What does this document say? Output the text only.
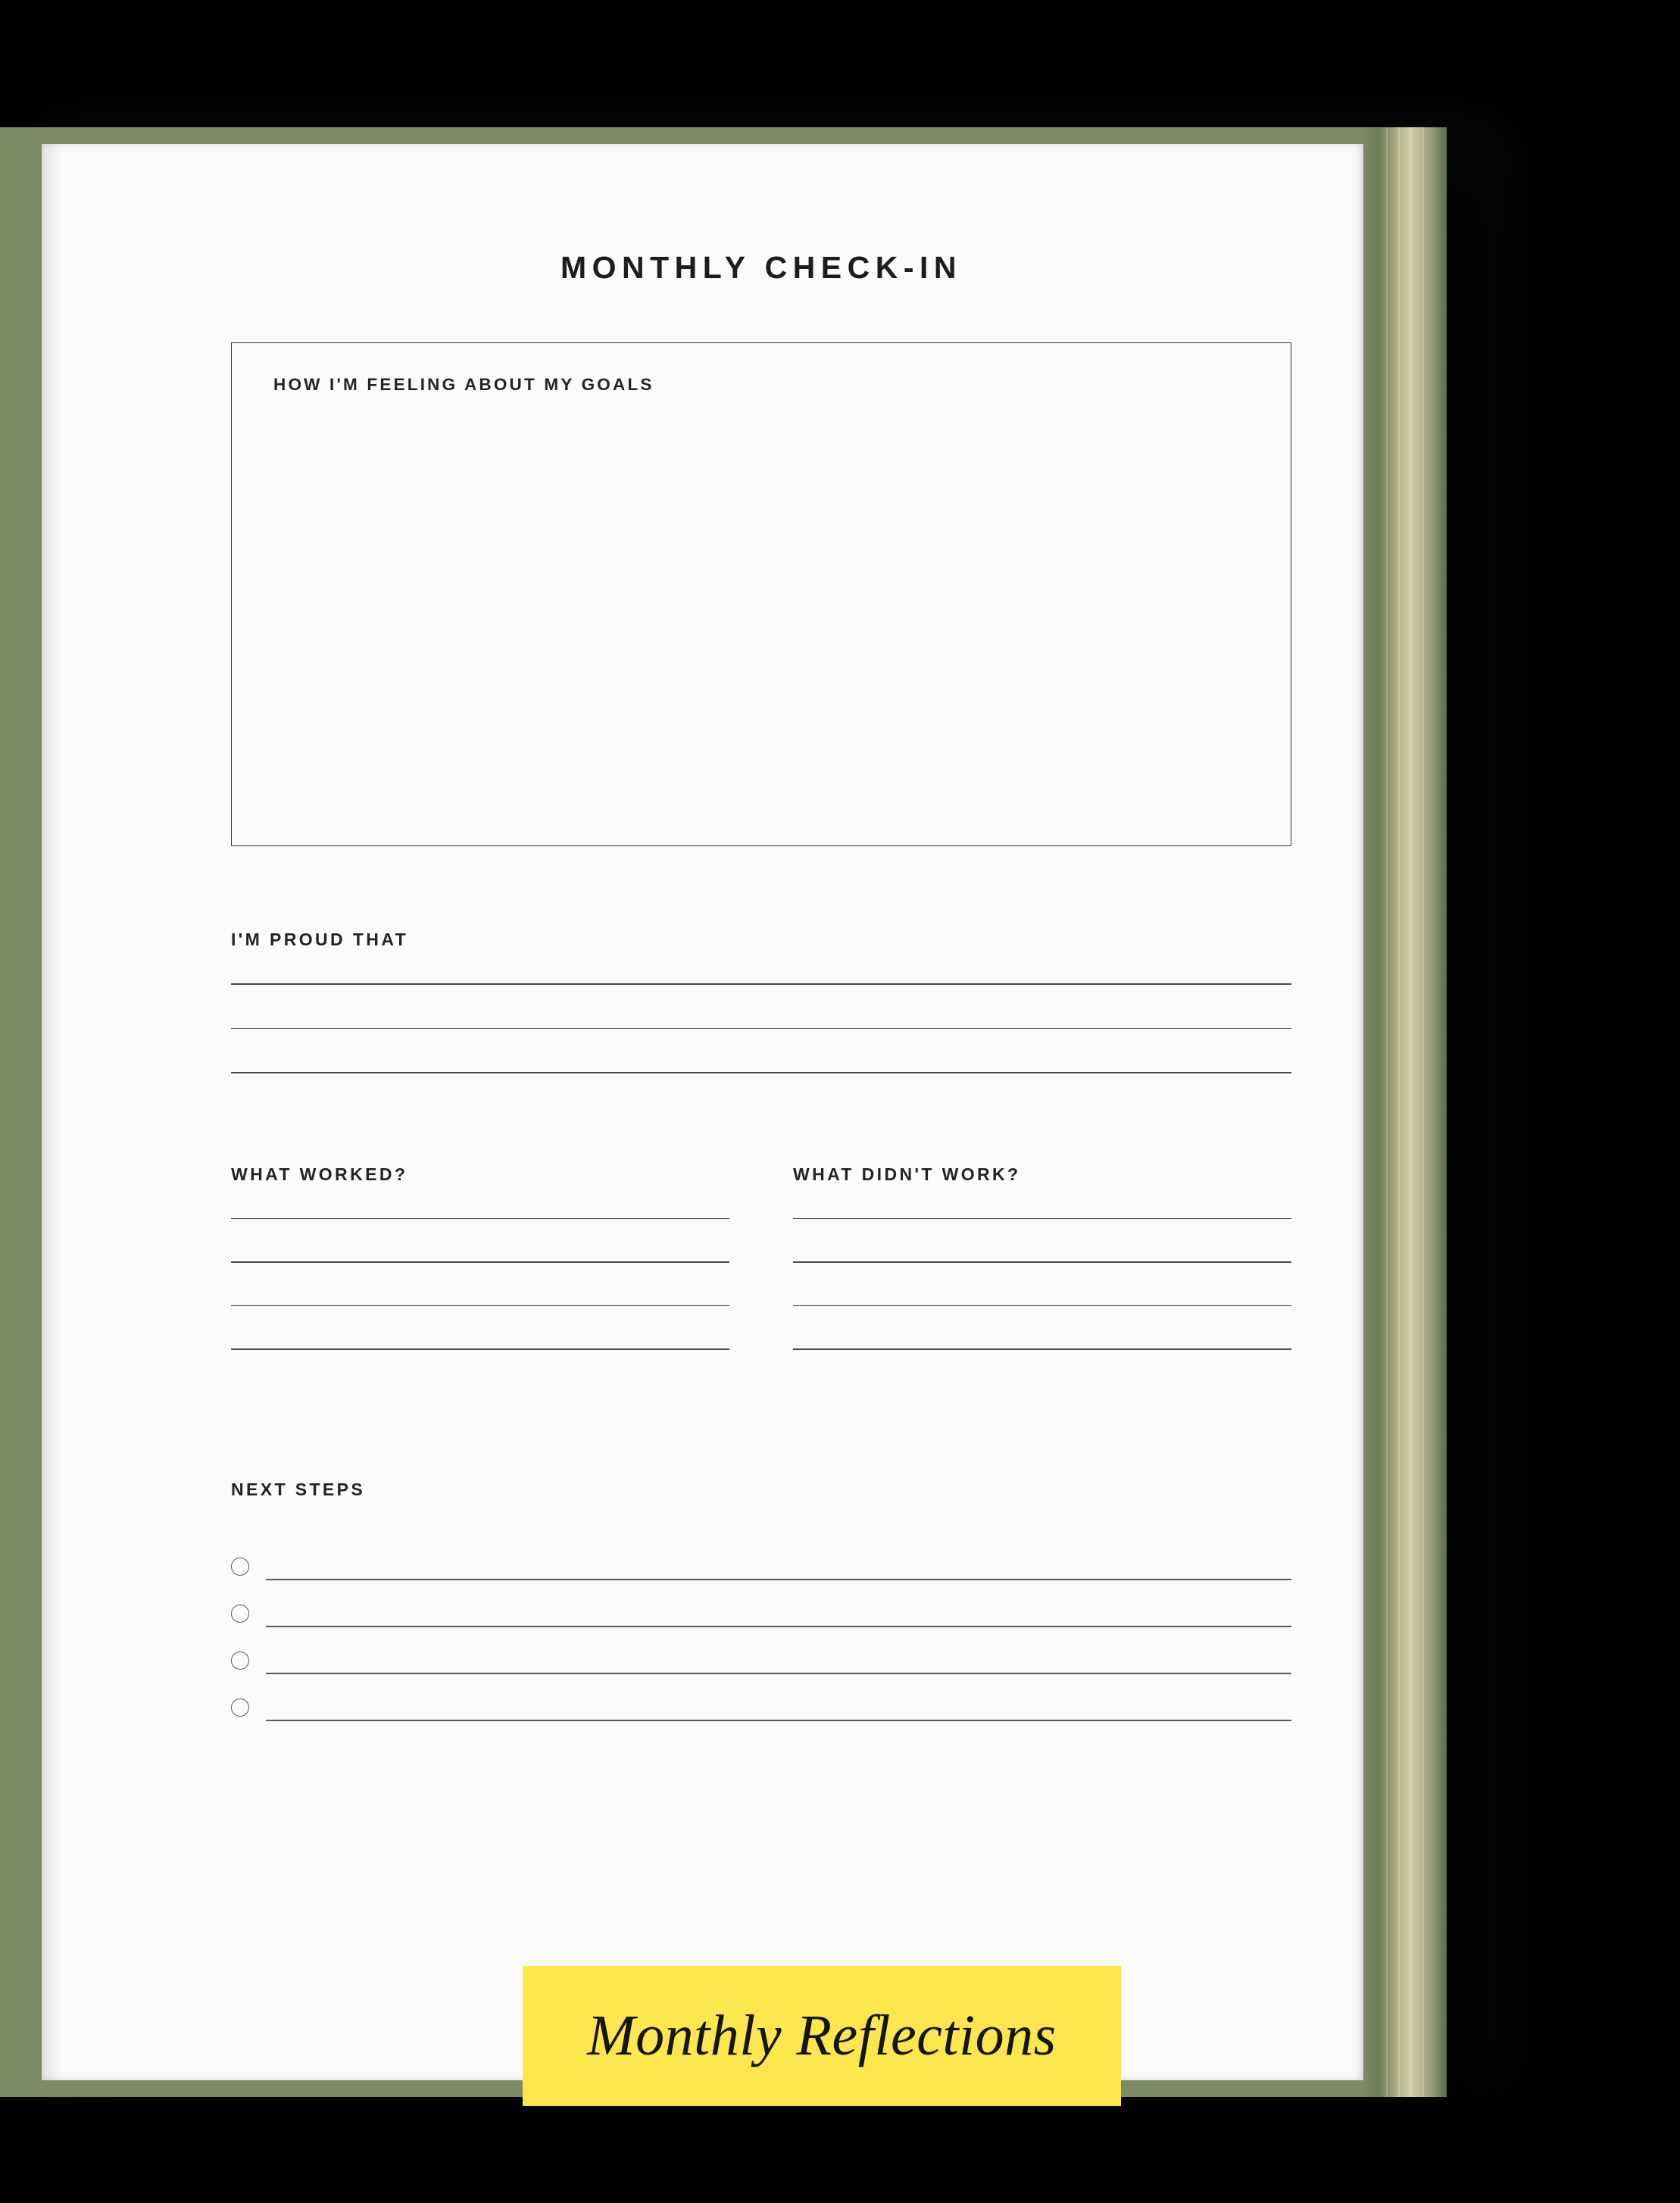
MONTHLY CHECK-IN
HOW I'M FEELING ABOUT MY GOALS
I'M PROUD THAT
WHAT WORKED?	WHAT DIDN'T WORK?
NEXT STEPS
Monthly Reflections
